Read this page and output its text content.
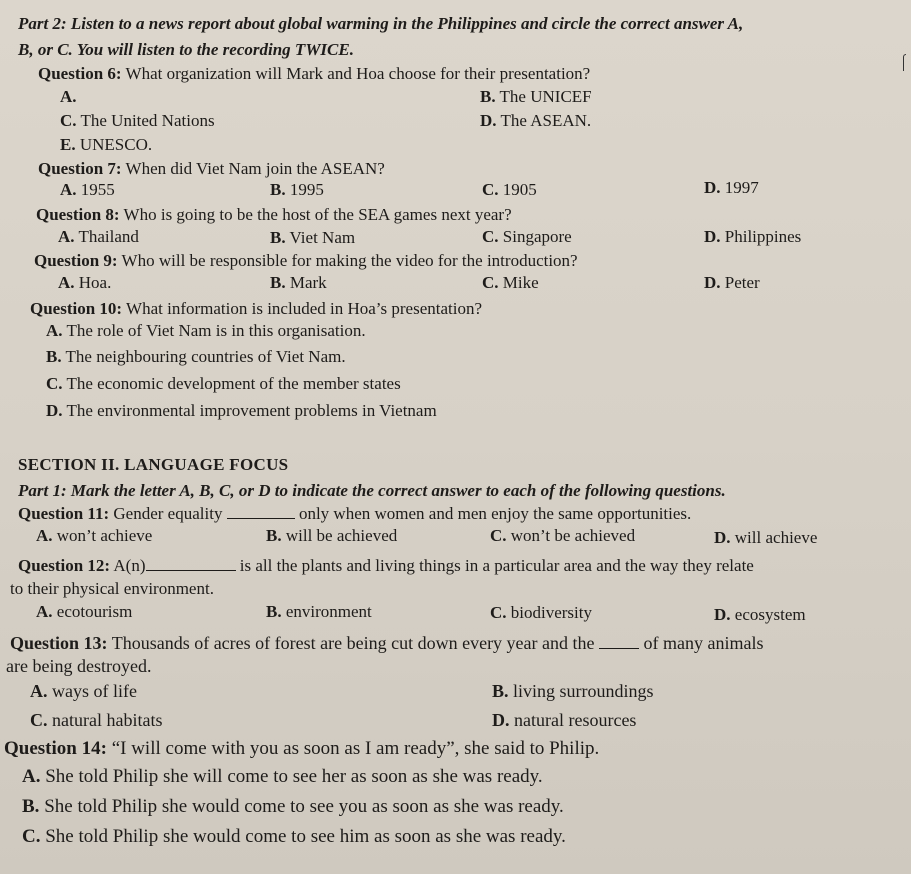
Part 2: Listen to a news report about global warming in the Philippines and circle the correct answer A,
B, or C. You will listen to the recording TWICE.
Question 6: What organization will Mark and Hoa choose for their presentation?
A.	B. The UNICEF
C. The United Nations	D. The ASEAN.
E. UNESCO.
Question 7: When did Viet Nam join the ASEAN?
A. 1955	B. 1995	C. 1905	D. 1997
Question 8: Who is going to be the host of the SEA games next year?
A. Thailand	B. Viet Nam	C. Singapore	D. Philippines
Question 9: Who will be responsible for making the video for the introduction?
A. Hoa.	B. Mark	C. Mike	D. Peter
Question 10: What information is included in Hoa’s presentation?
A. The role of Viet Nam is in this organisation.
B. The neighbouring countries of Viet Nam.
C. The economic development of the member states
D. The environmental improvement problems in Vietnam
SECTION II. LANGUAGE FOCUS
Part 1: Mark the letter A, B, C, or D to indicate the correct answer to each of the following questions.
Question 11: Gender equality	only when women and men enjoy the same opportunities.
A. won’t achieve	B. will be achieved	C. won’t be achieved	D. will achieve
Question 12: A(n)	is all the plants and living things in a particular area and the way they relate
to their physical environment.
A. ecotourism	B. environment	C. biodiversity	D. ecosystem
Question 13: Thousands of acres of forest are being cut down every year and the	of many animals
are being destroyed.
A. ways of life	B. living surroundings
C. natural habitats	D. natural resources
Question 14: “I will come with you as soon as I am ready”, she said to Philip.
A. She told Philip she will come to see her as soon as she was ready.
B. She told Philip she would come to see you as soon as she was ready.
C. She told Philip she would come to see him as soon as she was ready.
